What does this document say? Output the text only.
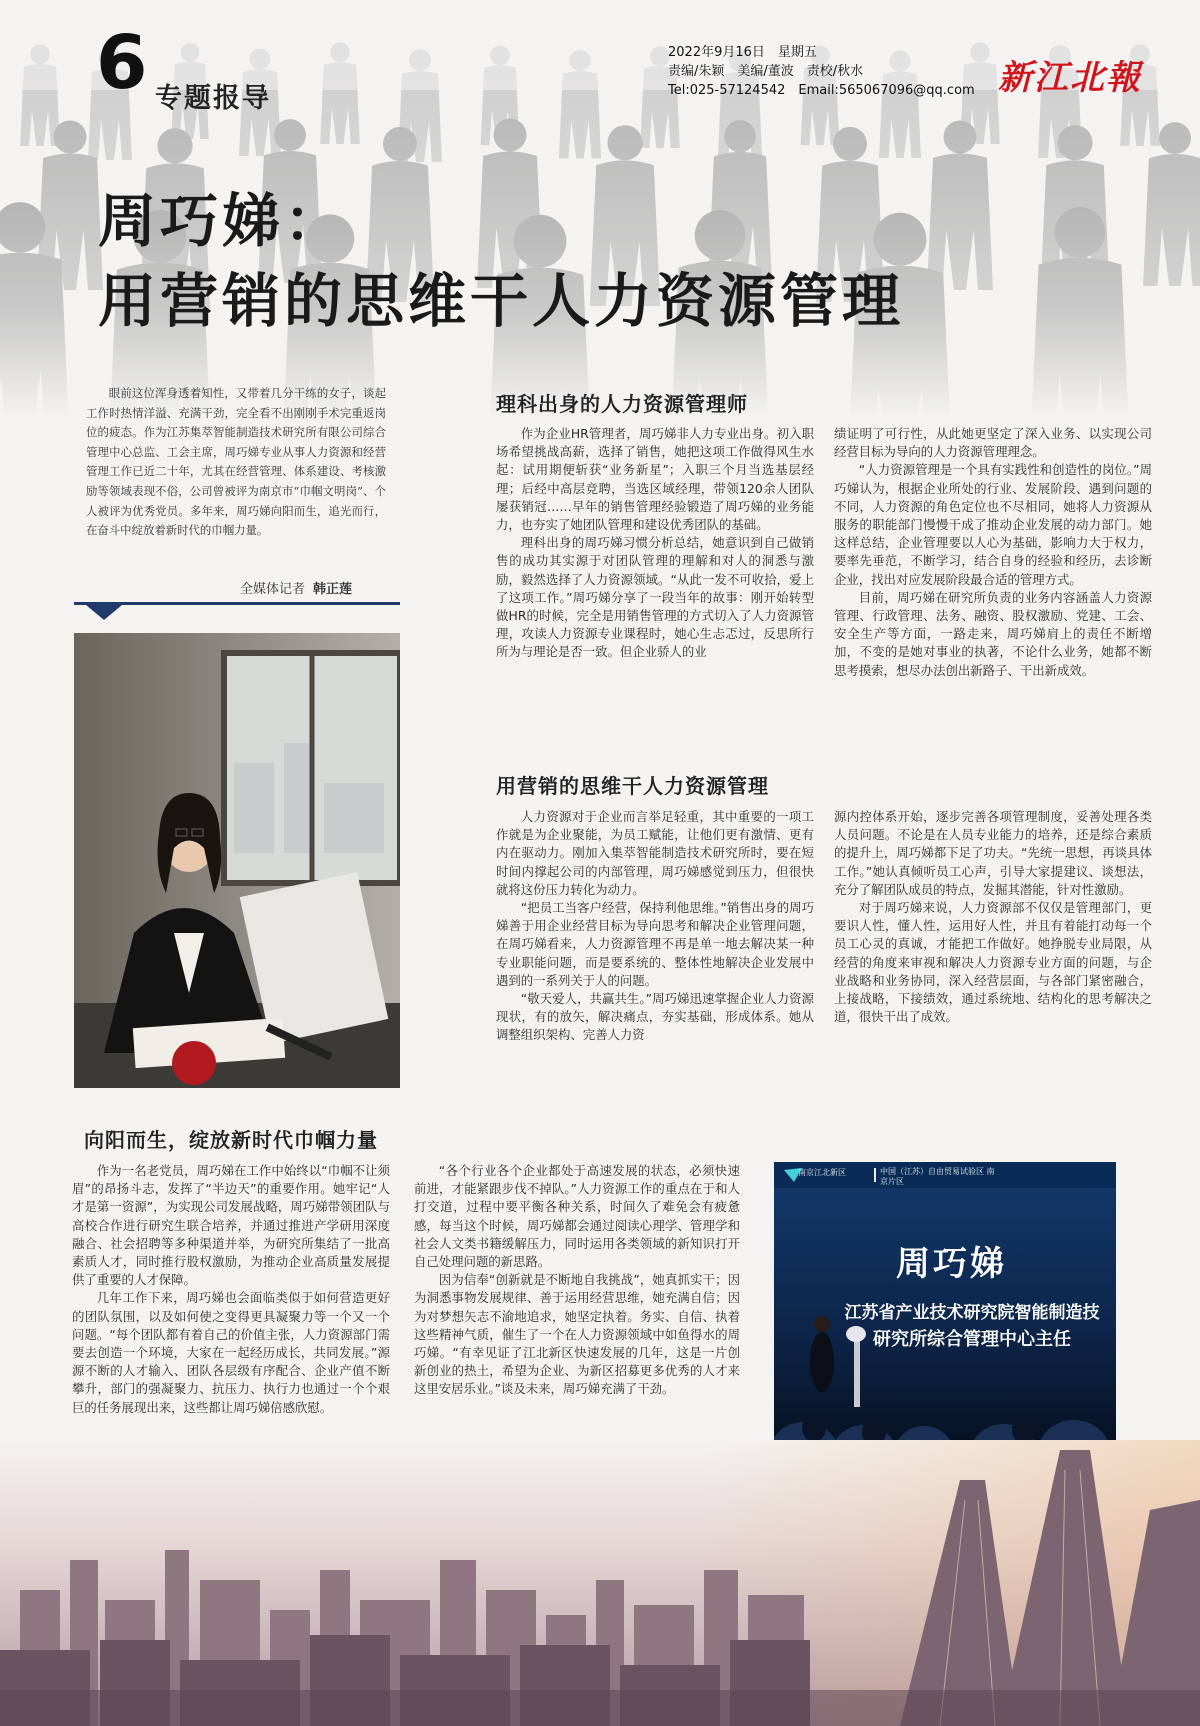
6 专题报导
2022年9月16日　星期五
责编/朱颖　美编/董波　责校/秋水
Tel:025-57124542　Email:565067096@qq.com 新江北報
周巧娣：
用营销的思维干人力资源管理
眼前这位浑身透着知性，又带着几分干练的女子，谈起工作时热情洋溢、充满干劲，完全看不出刚刚手术完重返岗位的疲态。作为江苏集萃智能制造技术研究所有限公司综合管理中心总监、工会主席，周巧娣专业从事人力资源和经营管理工作已近二十年，尤其在经营管理、体系建设、考核激励等领域表现不俗，公司曾被评为南京市“巾帼文明岗”、个人被评为优秀党员。多年来，周巧娣向阳而生，追光而行，在奋斗中绽放着新时代的巾帼力量。
全媒体记者 韩正莲
理科出身的人力资源管理师

作为企业HR管理者，周巧娣非人力专业出身。初入职场希望挑战高薪，选择了销售，她把这项工作做得风生水起：试用期便斩获“业务新星”；入职三个月当选基层经理；后经中高层竞聘，当选区域经理，带领120余人团队屡获销冠……早年的销售管理经验锻造了周巧娣的业务能力，也夯实了她团队管理和建设优秀团队的基础。

理科出身的周巧娣习惯分析总结，她意识到自己做销售的成功其实源于对团队管理的理解和对人的洞悉与激励，毅然选择了人力资源领域。“从此一发不可收拾，爱上了这项工作。”周巧娣分享了一段当年的故事：刚开始转型做HR的时候，完全是用销售管理的方式切入了人力资源管理，攻读人力资源专业课程时，她心生忐忑过，反思所行所为与理论是否一致。但企业骄人的业

绩证明了可行性，从此她更坚定了深入业务、以实现公司经营目标为导向的人力资源管理理念。

“人力资源管理是一个具有实践性和创造性的岗位。”周巧娣认为，根据企业所处的行业、发展阶段、遇到问题的不同，人力资源的角色定位也不尽相同，她将人力资源从服务的职能部门慢慢干成了推动企业发展的动力部门。她这样总结，企业管理要以人心为基础，影响力大于权力，要率先垂范，不断学习，结合自身的经验和经历，去诊断企业，找出对应发展阶段最合适的管理方式。

目前，周巧娣在研究所负责的业务内容涵盖人力资源管理、行政管理、法务、融资、股权激励、党建、工会、安全生产等方面，一路走来，周巧娣肩上的责任不断增加，不变的是她对事业的执著，不论什么业务，她都不断思考摸索，想尽办法创出新路子、干出新成效。

用营销的思维干人力资源管理

人力资源对于企业而言举足轻重，其中重要的一项工作就是为企业聚能，为员工赋能，让他们更有激情、更有内在驱动力。刚加入集萃智能制造技术研究所时，要在短时间内撑起公司的内部管理，周巧娣感觉到压力，但很快就将这份压力转化为动力。

“把员工当客户经营，保持利他思维。”销售出身的周巧娣善于用企业经营目标为导向思考和解决企业管理问题，在周巧娣看来，人力资源管理不再是单一地去解决某一种专业职能问题，而是要系统的、整体性地解决企业发展中遇到的一系列关于人的问题。

“敬天爱人，共赢共生。”周巧娣迅速掌握企业人力资源现状，有的放矢，解决痛点，夯实基础，形成体系。她从调整组织架构、完善人力资

源内控体系开始，逐步完善各项管理制度，妥善处理各类人员问题。不论是在人员专业能力的培养，还是综合素质的提升上，周巧娣都下足了功夫。“先统一思想，再谈具体工作。”她认真倾听员工心声，引导大家提建议、谈想法，充分了解团队成员的特点，发掘其潜能，针对性激励。

对于周巧娣来说，人力资源部不仅仅是管理部门，更要识人性，懂人性，运用好人性，并且有着能打动每一个员工心灵的真诚，才能把工作做好。她挣脱专业局限，从经营的角度来审视和解决人力资源专业方面的问题，与企业战略和业务协同，深入经营层面，与各部门紧密融合，上接战略，下接绩效，通过系统地、结构化的思考解决之道，很快干出了成效。

向阳而生，绽放新时代巾帼力量

作为一名老党员，周巧娣在工作中始终以“巾帼不让须眉”的昂扬斗志，发挥了“半边天”的重要作用。她牢记“人才是第一资源”，为实现公司发展战略，周巧娣带领团队与高校合作进行研究生联合培养，并通过推进产学研用深度融合、社会招聘等多种渠道并举，为研究所集结了一批高素质人才，同时推行股权激励，为推动企业高质量发展提供了重要的人才保障。

几年工作下来，周巧娣也会面临类似于如何营造更好的团队氛围，以及如何使之变得更具凝聚力等一个又一个问题。“每个团队都有着自己的价值主张，人力资源部门需要去创造一个环境，大家在一起经历成长，共同发展。”源源不断的人才输入、团队各层级有序配合、企业产值不断攀升，部门的强凝聚力、抗压力、执行力也通过一个个艰巨的任务展现出来，这些都让周巧娣倍感欣慰。

“各个行业各个企业都处于高速发展的状态，必须快速前进，才能紧跟步伐不掉队。”人力资源工作的重点在于和人打交道，过程中要平衡各种关系，时间久了难免会有疲惫感，每当这个时候，周巧娣都会通过阅读心理学、管理学和社会人文类书籍缓解压力，同时运用各类领域的新知识打开自己处理问题的新思路。

因为信奉“创新就是不断地自我挑战”，她真抓实干；因为洞悉事物发展规律、善于运用经营思维，她充满自信；因为对梦想矢志不渝地追求，她坚定执着。务实、自信、执着这些精神气质，催生了一个在人力资源领域中如鱼得水的周巧娣。“有幸见证了江北新区快速发展的几年，这是一片创新创业的热土，希望为企业、为新区招募更多优秀的人才来这里安居乐业。”谈及未来，周巧娣充满了干劲。

南京江北新区	中国（江苏）自由贸易试验区 南京片区
周巧娣
江苏省产业技术研究院智能制造技
研究所综合管理中心主任
